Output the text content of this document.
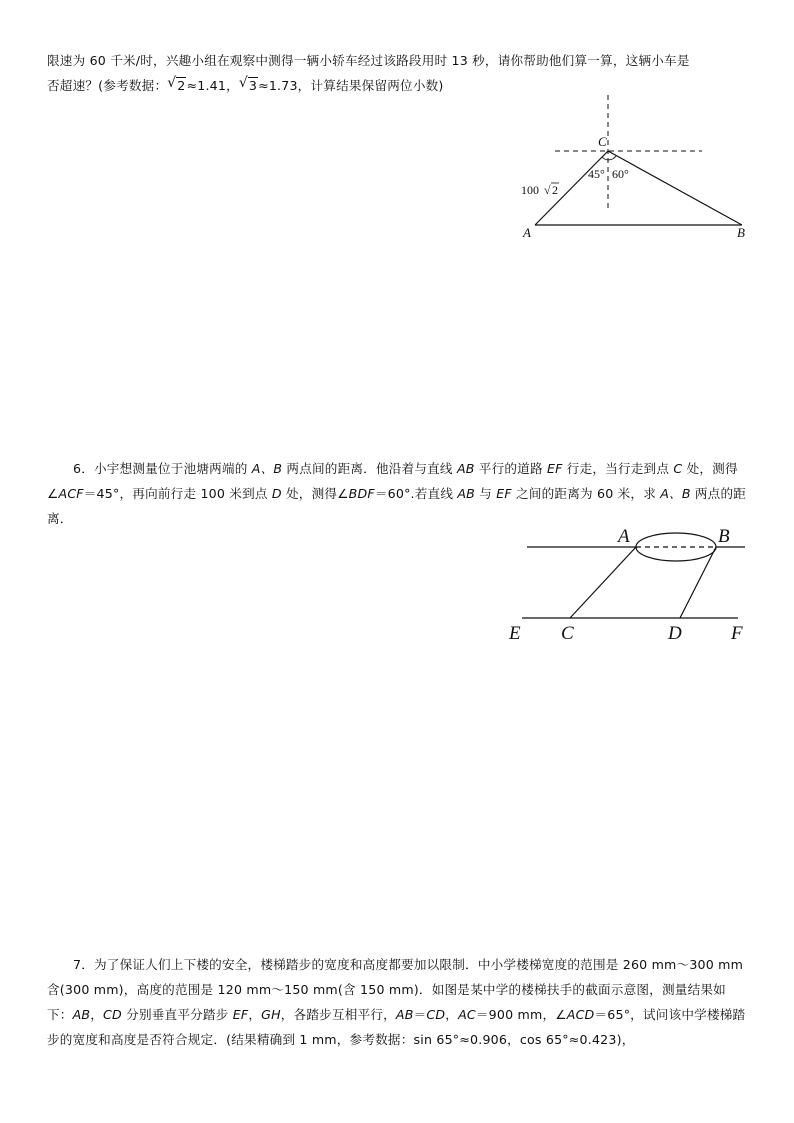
限速为 60 千米/时，兴趣小组在观察中测得一辆小轿车经过该路段用时 13 秒，请你帮助他们算一算，这辆小车是
否超速？(参考数据： √ 2≈1.41， √ 3≈1.73，计算结果保留两位小数)
C
A	B
45° 60°
100 √ 2
6．小宇想测量位于池塘两端的 A、B 两点间的距离．他沿着与直线 AB 平行的道路 EF 行走，当行走到点 C 处，测得∠ACF＝45°，再向前行走 100 米到点 D 处，测得∠BDF＝60°.若直线 AB 与 EF 之间的距离为 60 米，求 A、B 两点的距离．
A	B
E C	D	F
7．为了保证人们上下楼的安全，楼梯踏步的宽度和高度都要加以限制．中小学楼梯宽度的范围是 260 mm～300 mm 含(300 mm)，高度的范围是 120 mm～150 mm(含 150 mm)．如图是某中学的楼梯扶手的截面示意图，测量结果如下：AB，CD 分别垂直平分踏步 EF，GH，各踏步互相平行，AB＝CD，AC＝900 mm，∠ACD＝65°，试问该中学楼梯踏步的宽度和高度是否符合规定．(结果精确到 1 mm，参考数据：sin 65°≈0.906，cos 65°≈0.423)，
